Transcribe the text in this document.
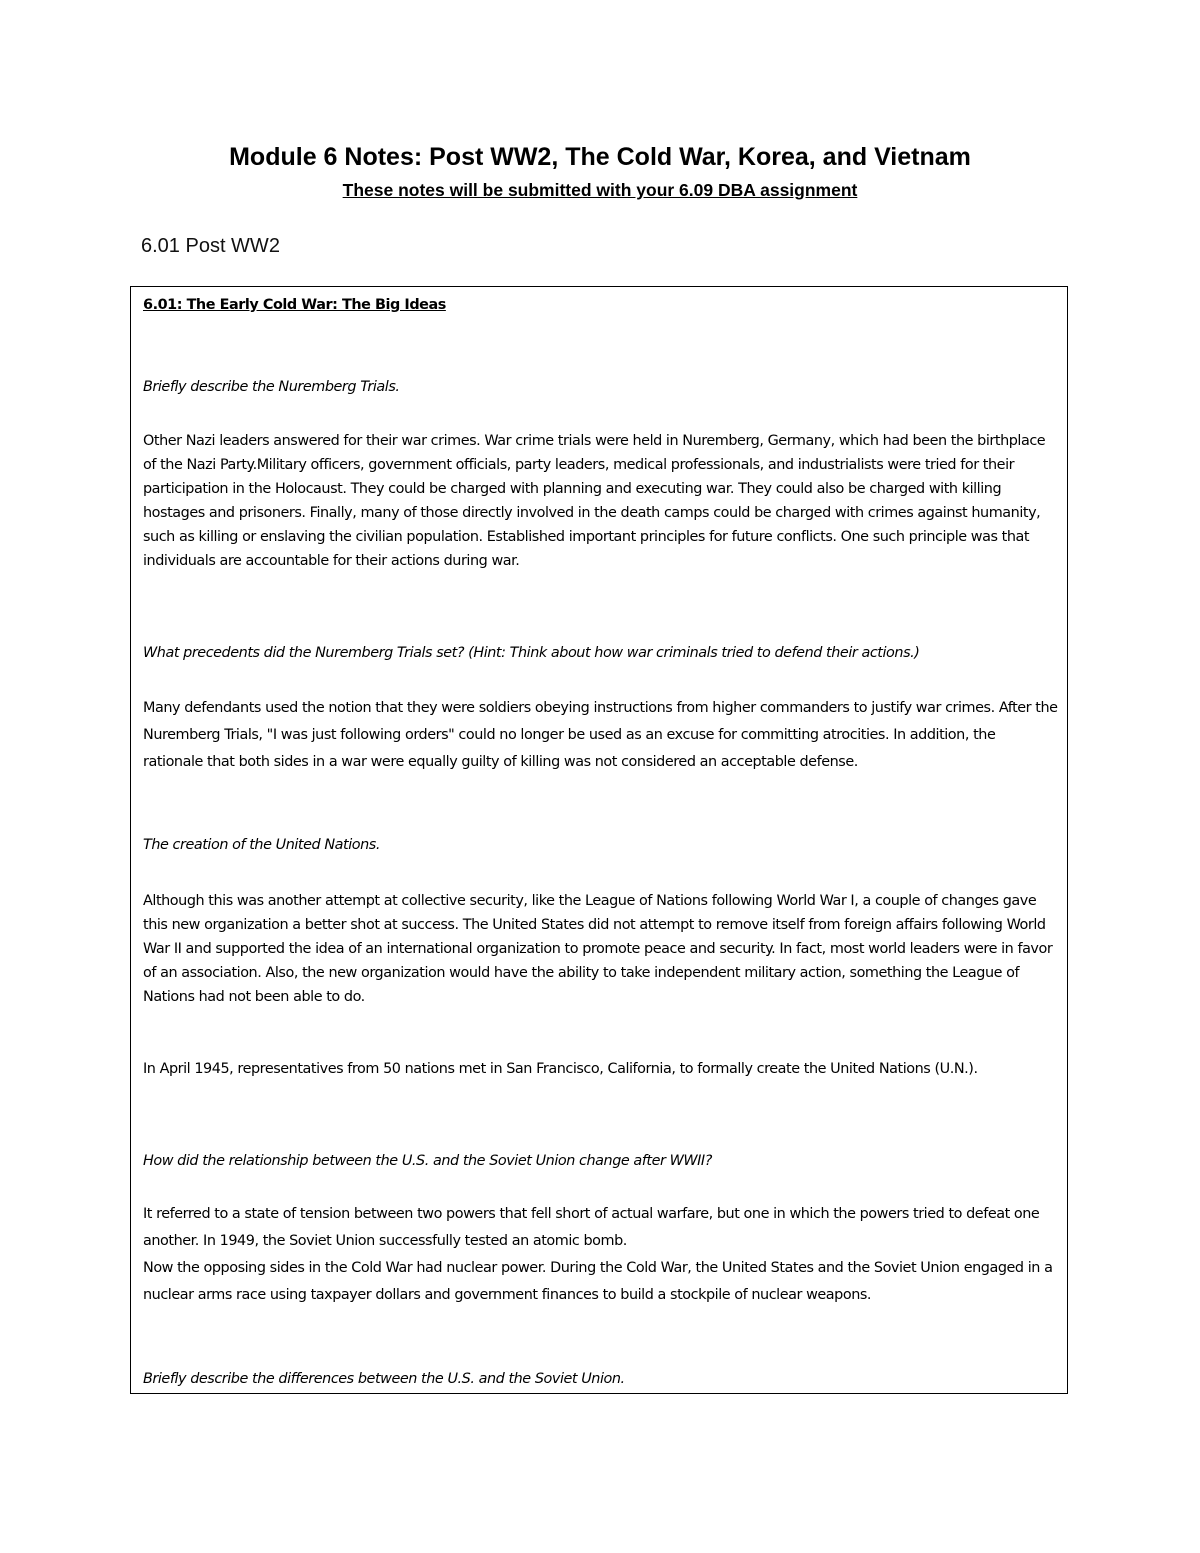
Module 6 Notes: Post WW2, The Cold War, Korea, and Vietnam

These notes will be submitted with your 6.09 DBA assignment

6.01 Post WW2

6.01: The Early Cold War: The Big Ideas
Briefly describe the Nuremberg Trials.
Other Nazi leaders answered for their war crimes. War crime trials were held in Nuremberg, Germany, which had been the birthplace of the Nazi Party.Military officers, government officials, party leaders, medical professionals, and industrialists were tried for their participation in the Holocaust. They could be charged with planning and executing war. They could also be charged with killing hostages and prisoners. Finally, many of those directly involved in the death camps could be charged with crimes against humanity, such as killing or enslaving the civilian population. Established important principles for future conflicts. One such principle was that individuals are accountable for their actions during war.
What precedents did the Nuremberg Trials set? (Hint: Think about how war criminals tried to defend their actions.)
Many defendants used the notion that they were soldiers obeying instructions from higher commanders to justify war crimes. After the Nuremberg Trials, "I was just following orders" could no longer be used as an excuse for committing atrocities. In addition, the rationale that both sides in a war were equally guilty of killing was not considered an acceptable defense.
The creation of the United Nations.
Although this was another attempt at collective security, like the League of Nations following World War I, a couple of changes gave this new organization a better shot at success. The United States did not attempt to remove itself from foreign affairs following World War II and supported the idea of an international organization to promote peace and security. In fact, most world leaders were in favor of an association. Also, the new organization would have the ability to take independent military action, something the League of Nations had not been able to do.
In April 1945, representatives from 50 nations met in San Francisco, California, to formally create the United Nations (U.N.).
How did the relationship between the U.S. and the Soviet Union change after WWII?
It referred to a state of tension between two powers that fell short of actual warfare, but one in which the powers tried to defeat one another. In 1949, the Soviet Union successfully tested an atomic bomb.
Now the opposing sides in the Cold War had nuclear power. During the Cold War, the United States and the Soviet Union engaged in a nuclear arms race using taxpayer dollars and government finances to build a stockpile of nuclear weapons.
Briefly describe the differences between the U.S. and the Soviet Union.
